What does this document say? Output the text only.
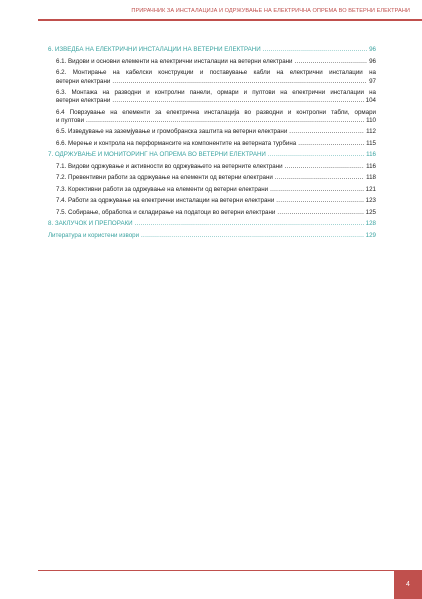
ПРИРАЧНИК ЗА ИНСТАЛАЦИЈА И ОДРЖУВАЊЕ НА ЕЛЕКТРИЧНА ОПРЕМА ВО ВЕТЕРНИ ЕЛЕКТРАНИ
6. ИЗВЕДБА НА ЕЛЕКТРИЧНИ ИНСТАЛАЦИИ НА ВЕТЕРНИ ЕЛЕКТРАНИ .....	96
6.1. Видови и основни елементи на електрични инсталации на ветерни електрани .....	96
6.2. Монтирање на кабелски конструкции и поставување кабли на електрични инсталации на
ветерни електрани .....	97
6.3. Монтажа на разводни и контролни панели, ормари и пултови на електрични инсталации на
ветерни електрани .....	104
6.4 Поврзување на елементи за електрична инсталација во разводни и контролни табли, ормари
и пултови .....	110
6.5. Изведување на заземјување и громобранска заштита на ветерни електрани .....	112
6.6. Мерење и контрола на перформансите на компонентите на ветерната турбина .....	115
7. ОДРЖУВАЊЕ И МОНИТОРИНГ НА ОПРЕМА ВО ВЕТЕРНИ ЕЛЕКТРАНИ .....	116
7.1. Видови одржување и активности во одржувањето на ветерните електрани .....	116
7.2. Превентивни работи за одржување на елементи од ветерни електрани .....	118
7.3. Корективни работи за одржување на елементи од ветерни електрани .....	121
7.4. Работи за одржување на електрични инсталации на ветерни електрани .....	123
7.5. Собирање, обработка и складирање на податоци во ветерни електрани .....	125
8. ЗАКЛУЧОК И ПРЕПОРАКИ .....	128
Литература и користени извори .....	129
4
